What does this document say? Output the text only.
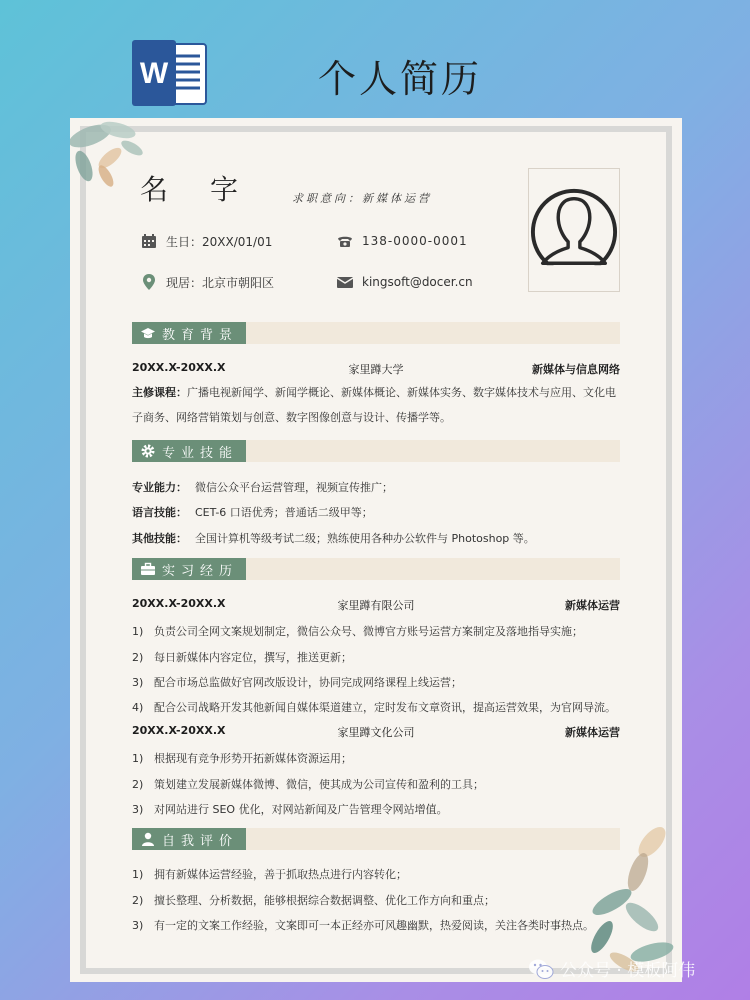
W	个人简历
名字 求职意向：新媒体运营
生日：20XX/01/01	138-0000-0001
现居：北京市朝阳区	kingsoft@docer.cn
教育背景
20XX.X-20XX.X	家里蹲大学	新媒体与信息网络
主修课程：广播电视新闻学、新闻学概论、新媒体概论、新媒体实务、数字媒体技术与应用、文化电子商务、网络营销策划与创意、数字图像创意与设计、传播学等。
专业技能
专业能力： 微信公众平台运营管理，视频宣传推广；
语言技能： CET-6 口语优秀；普通话二级甲等；
其他技能： 全国计算机等级考试二级；熟练使用各种办公软件与 Photoshop 等。
实习经历
20XX.X-20XX.X	家里蹲有限公司	新媒体运营
1) 负责公司全网文案规划制定，微信公众号、微博官方账号运营方案制定及落地指导实施；
2) 每日新媒体内容定位，撰写，推送更新；
3) 配合市场总监做好官网改版设计，协同完成网络课程上线运营；
4) 配合公司战略开发其他新闻自媒体渠道建立，定时发布文章资讯，提高运营效果，为官网导流。
20XX.X-20XX.X	家里蹲文化公司	新媒体运营
1) 根据现有竞争形势开拓新媒体资源运用；
2) 策划建立发展新媒体微博、微信，使其成为公司宣传和盈利的工具；
3) 对网站进行 SEO 优化，对网站新闻及广告管理令网站增值。
自我评价
1) 拥有新媒体运营经验，善于抓取热点进行内容转化；
2) 擅长整理、分析数据，能够根据综合数据调整、优化工作方向和重点；
3) 有一定的文案工作经验，文案即可一本正经亦可风趣幽默，热爱阅读，关注各类时事热点。
公众号 · 模板阿伟
